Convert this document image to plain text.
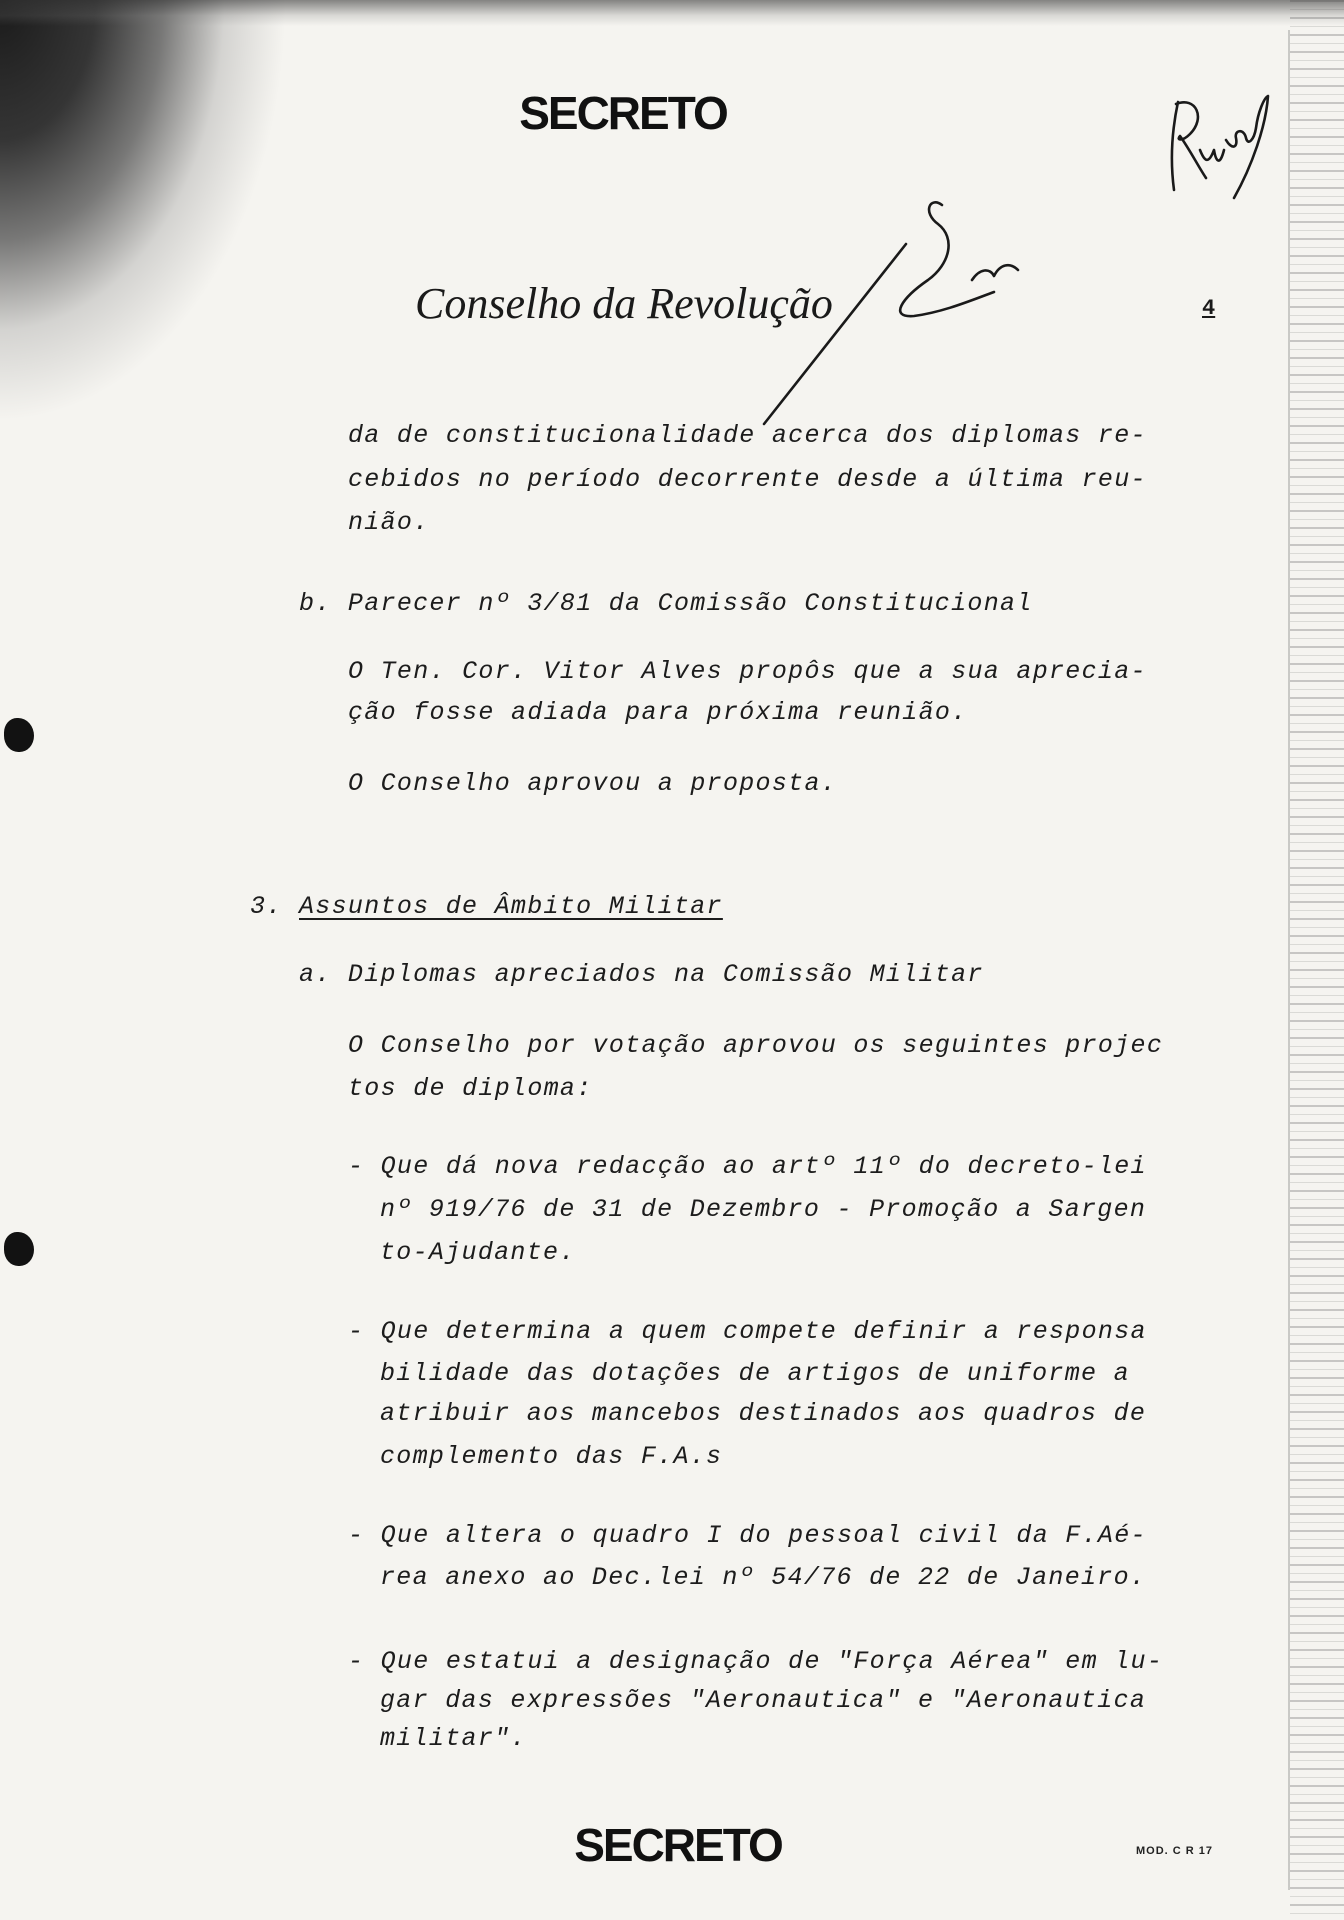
SECRETO
Conselho da Revolução	4
da de constitucionalidade acerca dos diplomas re-
cebidos no período decorrente desde a última reu-
nião.
b. Parecer nº 3/81 da Comissão Constitucional
O Ten. Cor. Vitor Alves propôs que a sua aprecia-
ção fosse adiada para próxima reunião.
O Conselho aprovou a proposta.
3. Assuntos de Âmbito Militar
a. Diplomas apreciados na Comissão Militar
O Conselho por votação aprovou os seguintes projec
tos de diploma:
- Que dá nova redacção ao artº 11º do decreto-lei
nº 919/76 de 31 de Dezembro - Promoção a Sargen
to-Ajudante.
- Que determina a quem compete definir a responsa
bilidade das dotações de artigos de uniforme a
atribuir aos mancebos destinados aos quadros de
complemento das F.A.s
- Que altera o quadro I do pessoal civil da F.Aé-
rea anexo ao Dec.lei nº 54/76 de 22 de Janeiro.
- Que estatui a designação de "Força Aérea" em lu-
gar das expressões "Aeronautica" e "Aeronautica
militar".
SECRETO	MOD. C R 17
